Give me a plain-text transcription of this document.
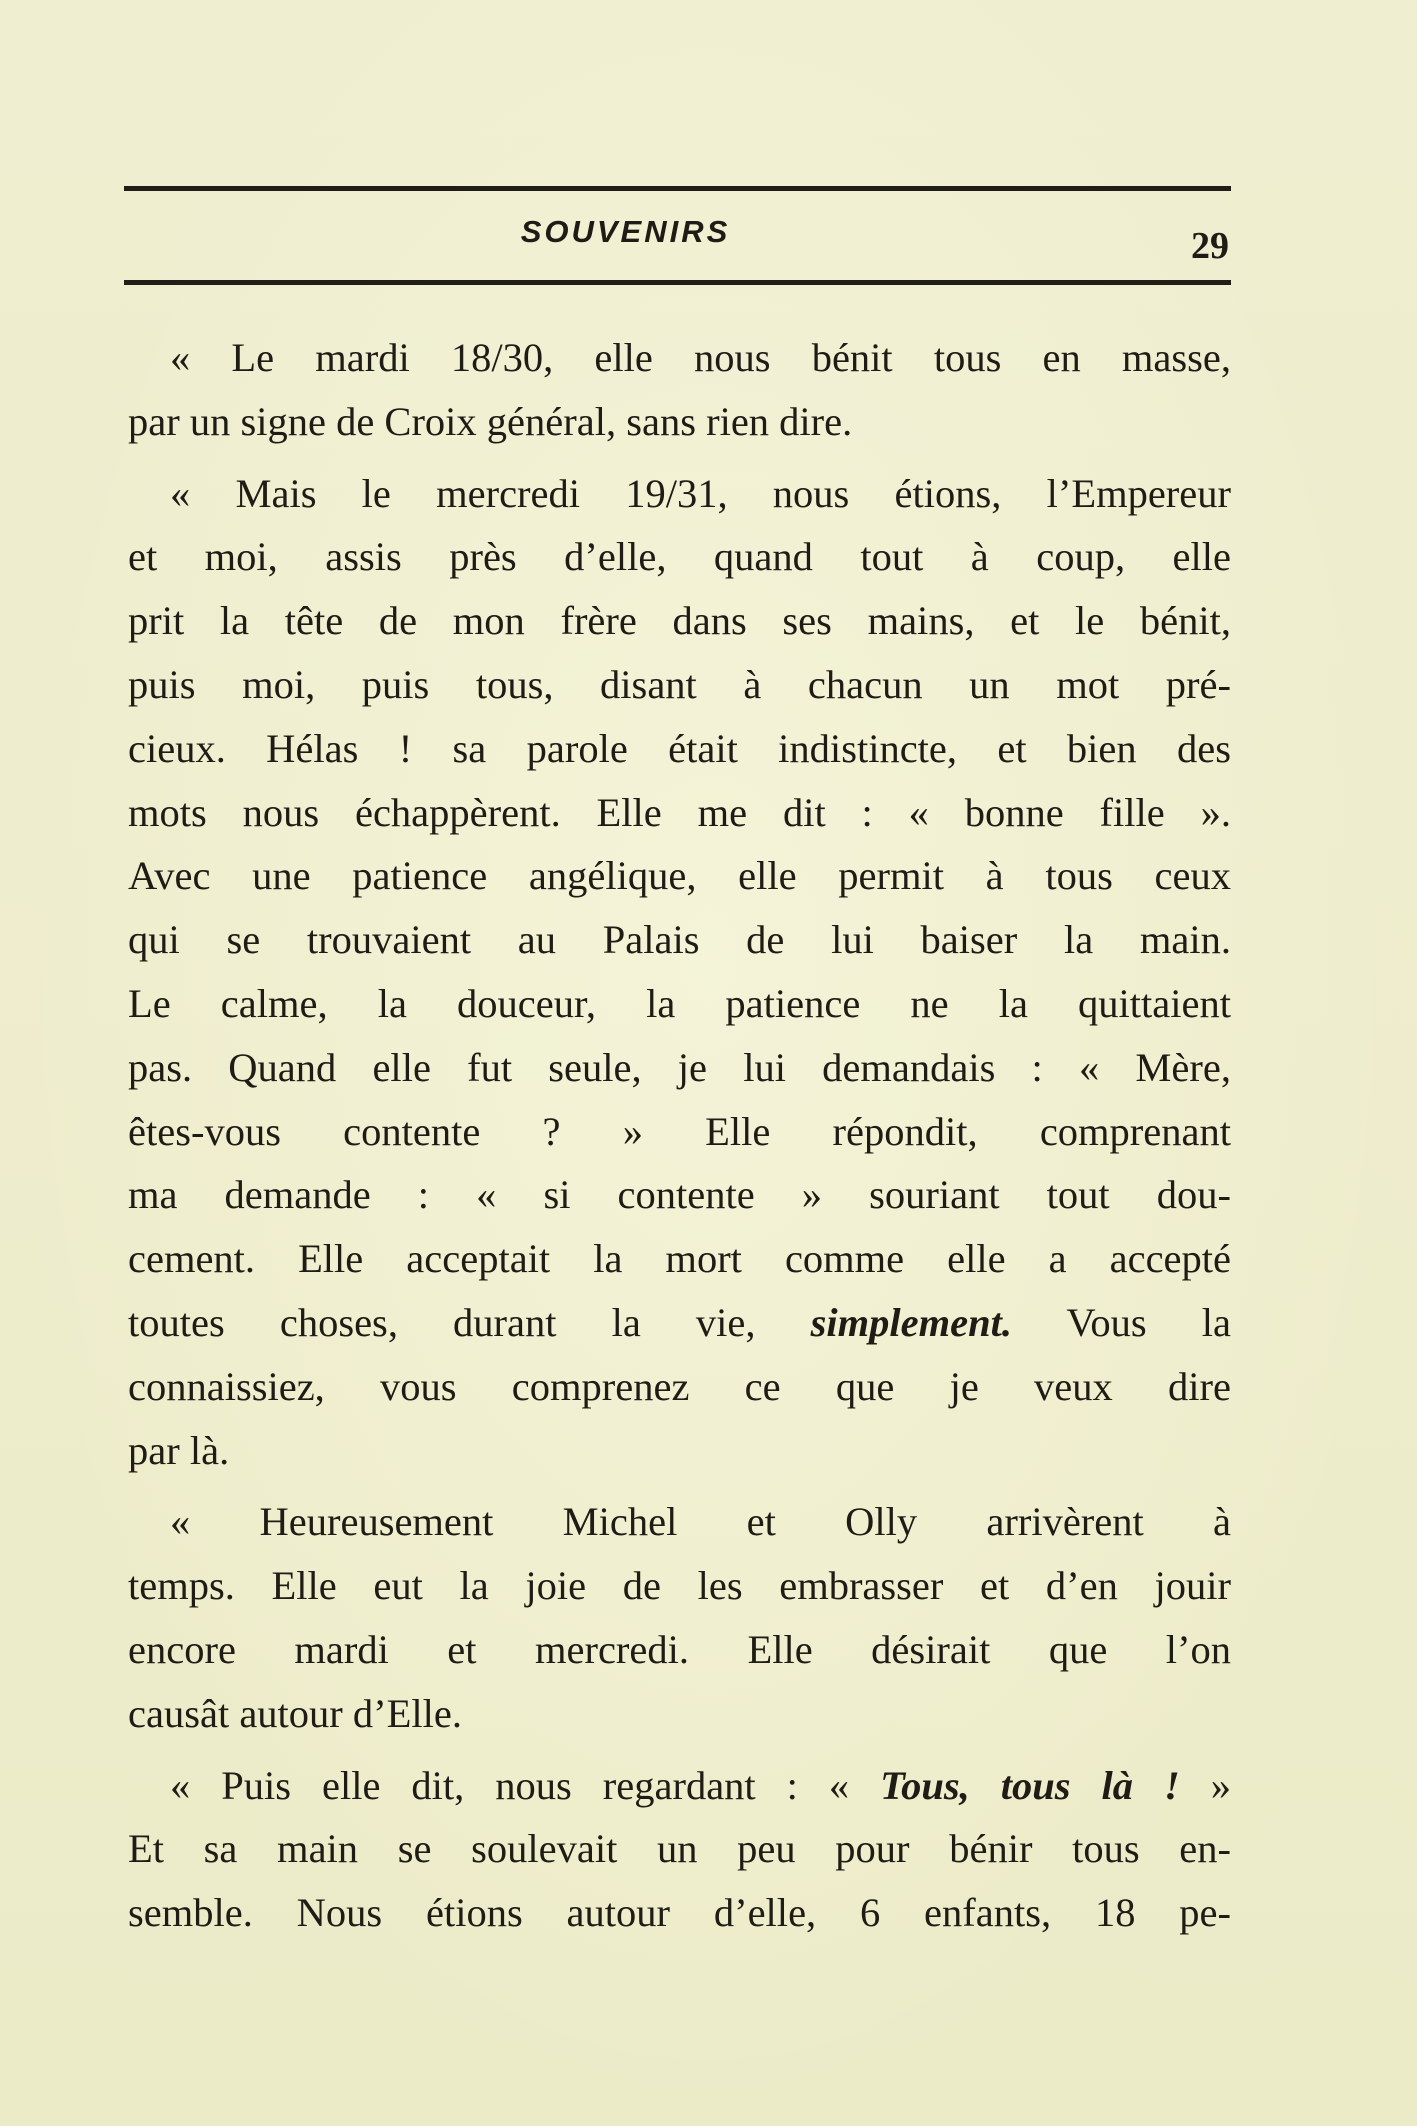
SOUVENIRS	29
« Le mardi 18/30, elle nous bénit tous en masse,
par un signe de Croix général, sans rien dire.
« Mais le mercredi 19/31, nous étions, l’Empereur
et moi, assis près d’elle, quand tout à coup, elle
prit la tête de mon frère dans ses mains, et le bénit,
puis moi, puis tous, disant à chacun un mot pré-
cieux. Hélas ! sa parole était indistincte, et bien des
mots nous échappèrent. Elle me dit : « bonne fille ».
Avec une patience angélique, elle permit à tous ceux
qui se trouvaient au Palais de lui baiser la main.
Le calme, la douceur, la patience ne la quittaient
pas. Quand elle fut seule, je lui demandais : « Mère,
êtes-vous contente ? » Elle répondit, comprenant
ma demande : « si contente » souriant tout dou-
cement. Elle acceptait la mort comme elle a accepté
toutes choses, durant la vie, simplement. Vous la
connaissiez, vous comprenez ce que je veux dire
par là.
« Heureusement Michel et Olly arrivèrent à
temps. Elle eut la joie de les embrasser et d’en jouir
encore mardi et mercredi. Elle désirait que l’on
causât autour d’Elle.
« Puis elle dit, nous regardant : « Tous, tous là ! »
Et sa main se soulevait un peu pour bénir tous en-
semble. Nous étions autour d’elle, 6 enfants, 18 pe-
